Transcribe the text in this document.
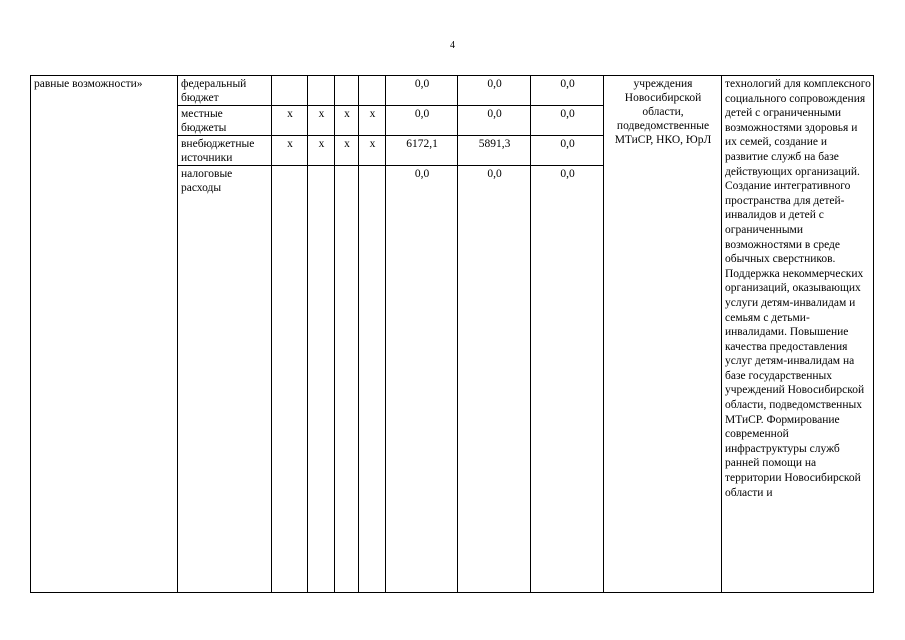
4
равные возможности»	федеральный бюджет					0,0	0,0	0,0	учреждения Новосибирской области, подведомственные МТиСР, НКО, ЮрЛ	технологий для комплексного социального сопровождения детей с ограниченными возможностями здоровья и их семей, создание и развитие служб на базе действующих организаций. Создание интегративного пространства для детей-инвалидов и детей с ограниченными возможностями в среде обычных сверстников. Поддержка некоммерческих организаций, оказывающих услуги детям-инвалидам и семьям с детьми-инвалидами. Повышение качества предоставления услуг детям-инвалидам на базе государственных учреждений Новосибирской области, подведомственных МТиСР. Формирование современной инфраструктуры служб ранней помощи на территории Новосибирской области и
	местные бюджеты	х	х	х	х	0,0	0,0	0,0		
	внебюджетные источники	х	х	х	х	6172,1	5891,3	0,0		
	налоговые расходы					0,0	0,0	0,0		
